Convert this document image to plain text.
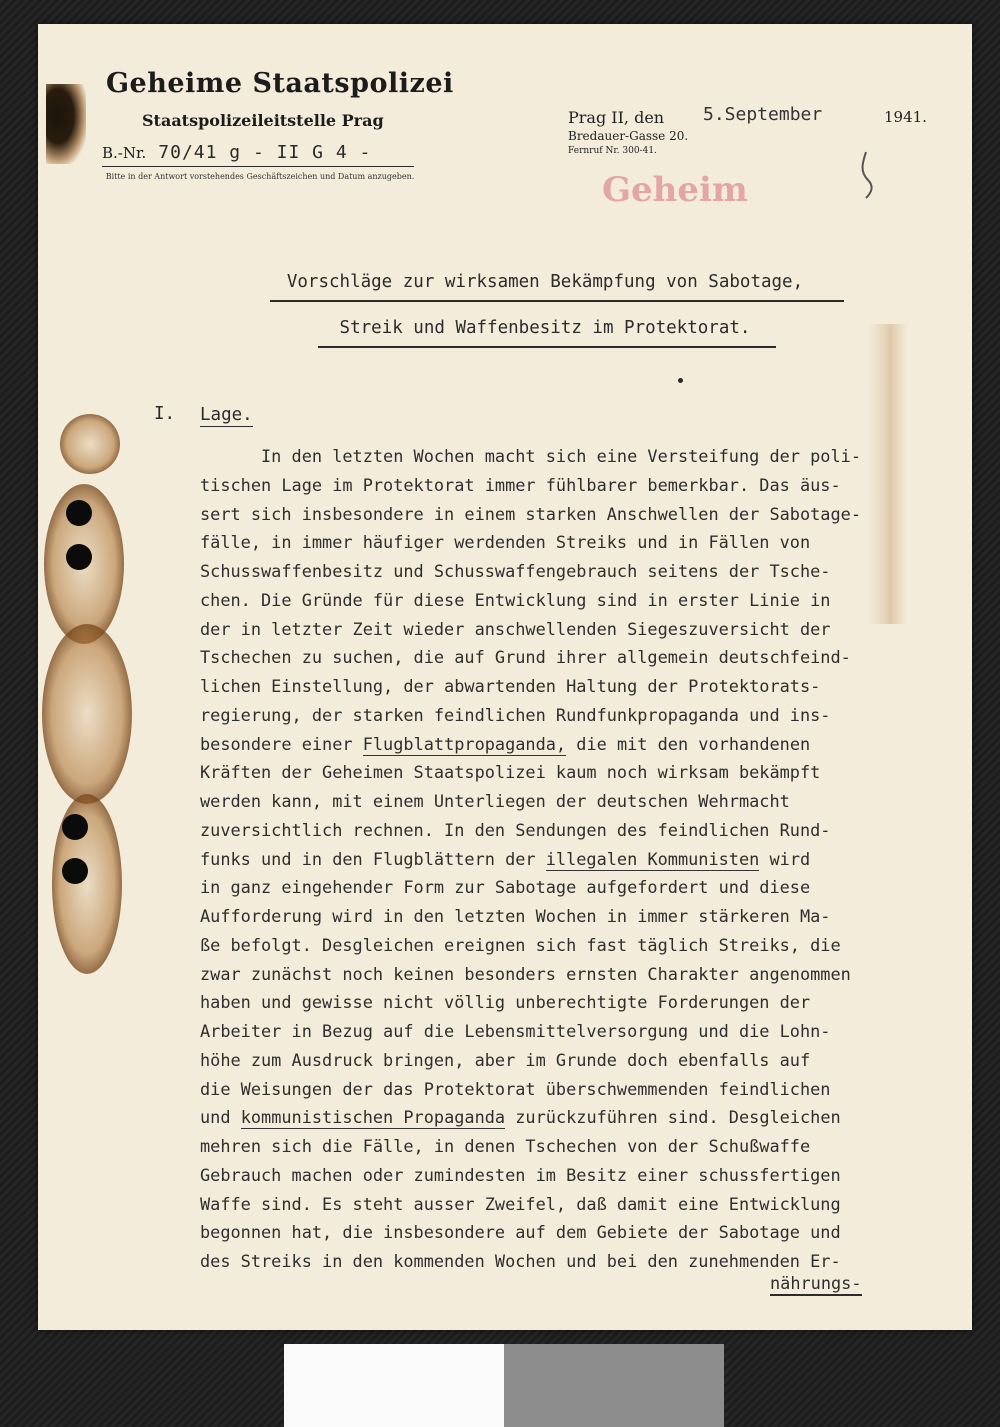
Geheime Staatspolizei
Staatspolizeileitstelle Prag
B.-Nr. 70/41 g - II G 4 -
Bitte in der Antwort vorstehendes Geschäftszeichen und Datum anzugeben.
Prag II, den
Bredauer-Gasse 20.
Fernruf Nr. 300-41.
5.September	1941.
Geheim
Vorschläge zur wirksamen Bekämpfung von Sabotage,
Streik und Waffenbesitz im Protektorat.
I. Lage.
In den letzten Wochen macht sich eine Versteifung der poli-
tischen Lage im Protektorat immer fühlbarer bemerkbar. Das äus-
sert sich insbesondere in einem starken Anschwellen der Sabotage-
fälle, in immer häufiger werdenden Streiks und in Fällen von
Schusswaffenbesitz und Schusswaffengebrauch seitens der Tsche-
chen. Die Gründe für diese Entwicklung sind in erster Linie in
der in letzter Zeit wieder anschwellenden Siegeszuversicht der
Tschechen zu suchen, die auf Grund ihrer allgemein deutschfeind-
lichen Einstellung, der abwartenden Haltung der Protektorats-
regierung, der starken feindlichen Rundfunkpropaganda und ins-
besondere einer Flugblattpropaganda, die mit den vorhandenen
Kräften der Geheimen Staatspolizei kaum noch wirksam bekämpft
werden kann, mit einem Unterliegen der deutschen Wehrmacht
zuversichtlich rechnen. In den Sendungen des feindlichen Rund-
funks und in den Flugblättern der illegalen Kommunisten wird
in ganz eingehender Form zur Sabotage aufgefordert und diese
Aufforderung wird in den letzten Wochen in immer stärkeren Ma-
ße befolgt. Desgleichen ereignen sich fast täglich Streiks, die
zwar zunächst noch keinen besonders ernsten Charakter angenommen
haben und gewisse nicht völlig unberechtigte Forderungen der
Arbeiter in Bezug auf die Lebensmittelversorgung und die Lohn-
höhe zum Ausdruck bringen, aber im Grunde doch ebenfalls auf
die Weisungen der das Protektorat überschwemmenden feindlichen
und kommunistischen Propaganda zurückzuführen sind. Desgleichen
mehren sich die Fälle, in denen Tschechen von der Schußwaffe
Gebrauch machen oder zumindesten im Besitz einer schussfertigen
Waffe sind. Es steht ausser Zweifel, daß damit eine Entwicklung
begonnen hat, die insbesondere auf dem Gebiete der Sabotage und
des Streiks in den kommenden Wochen und bei den zunehmenden Er-
nährungs-
